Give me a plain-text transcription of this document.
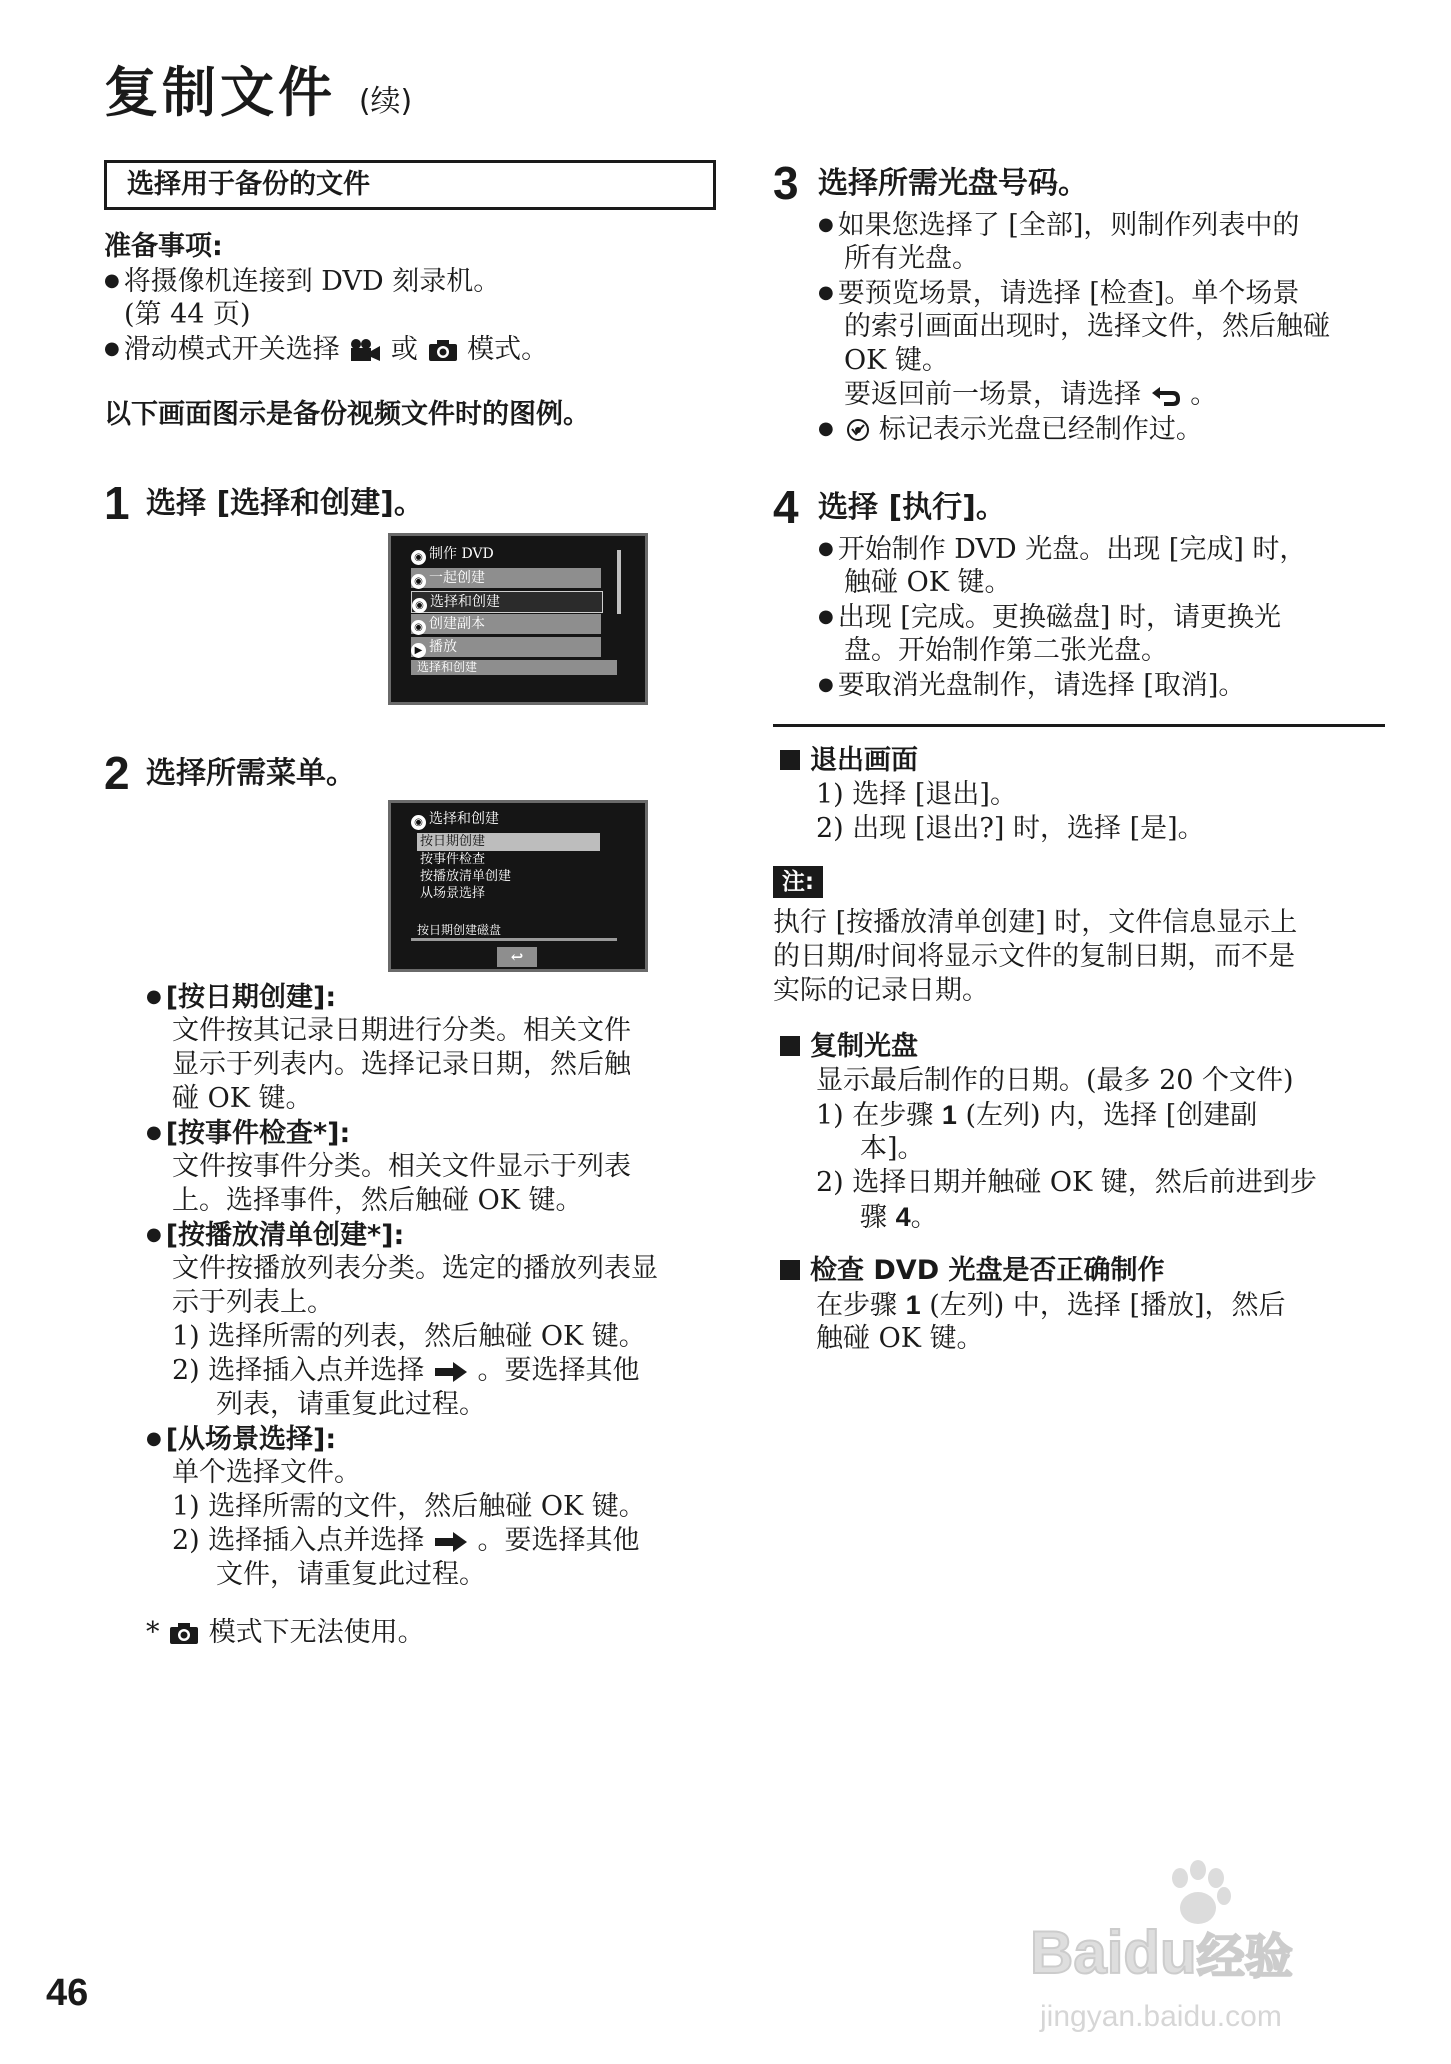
复制文件 (续)
选择用于备份的文件
准备事项:
● 将摄像机连接到 DVD 刻录机。
(第 44 页)
● 滑动模式开关选择 或 模式。
以下画面图示是备份视频文件时的图例。
1 选择 [选择和创建]。
◉ 制作 DVD
◉ 一起创建
◉ 选择和创建
◉ 创建副本
▶ 播放
选择和创建
2 选择所需菜单。
◉ 选择和创建
按日期创建
按事件检查
按播放清单创建
从场景选择
按日期创建磁盘
↩
● [按日期创建]:
文件按其记录日期进行分类。相关文件
显示于列表内。选择记录日期，然后触
碰 OK 键。
● [按事件检查*]:
文件按事件分类。相关文件显示于列表
上。选择事件，然后触碰 OK 键。
● [按播放清单创建*]:
文件按播放列表分类。选定的播放列表显
示于列表上。
1) 选择所需的列表，然后触碰 OK 键。
2) 选择插入点并选择 。要选择其他
列表，请重复此过程。
● [从场景选择]:
单个选择文件。
1) 选择所需的文件，然后触碰 OK 键。
2) 选择插入点并选择 。要选择其他
文件，请重复此过程。
* 模式下无法使用。
3 选择所需光盘号码。
● 如果您选择了 [全部]，则制作列表中的
所有光盘。
● 要预览场景，请选择 [检查]。单个场景
的索引画面出现时，选择文件，然后触碰
OK 键。
要返回前一场景，请选择 。
●  标记表示光盘已经制作过。
4 选择 [执行]。
● 开始制作 DVD 光盘。出现 [完成] 时，
触碰 OK 键。
● 出现 [完成。更换磁盘] 时，请更换光
盘。开始制作第二张光盘。
● 要取消光盘制作，请选择 [取消]。
退出画面
1) 选择 [退出]。
2) 出现 [退出?] 时，选择 [是]。
注:
执行 [按播放清单创建] 时，文件信息显示上
的日期/时间将显示文件的复制日期，而不是
实际的记录日期。
复制光盘
显示最后制作的日期。(最多 20 个文件)
1) 在步骤 1 (左列) 内，选择 [创建副
本]。
2) 选择日期并触碰 OK 键，然后前进到步
骤 4。
检查 DVD 光盘是否正确制作
在步骤 1 (左列) 中，选择 [播放]，然后
触碰 OK 键。
46
Baidu经验
jingyan.baidu.com
